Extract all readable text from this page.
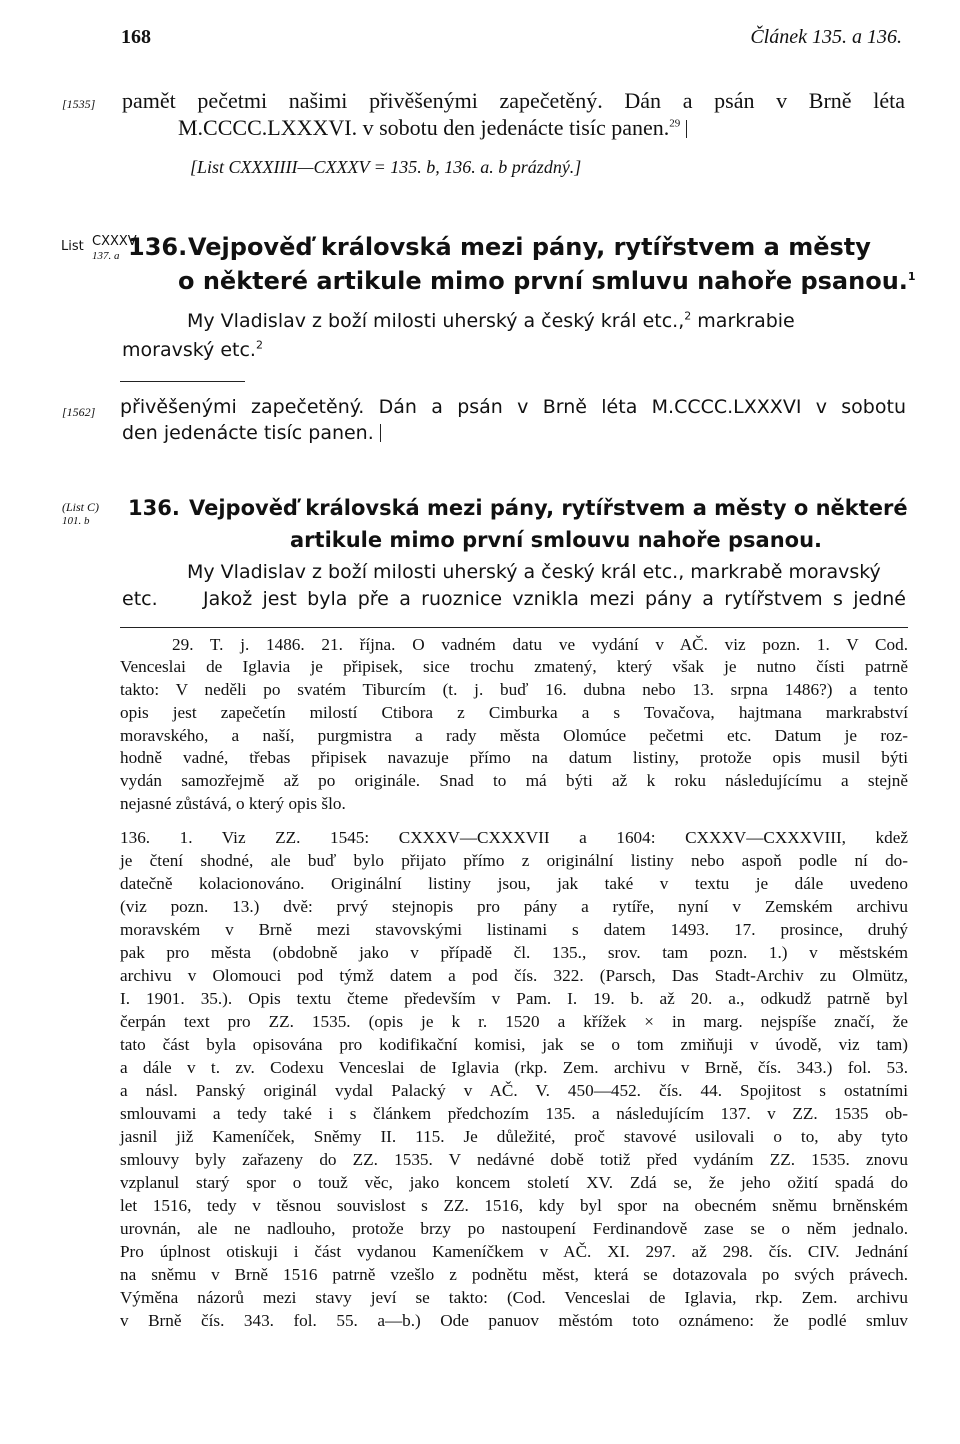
168	Článek 135. a 136.
[1535] pamět pečetmi našimi přivěšenými zapečetěný. Dán a psán v Brně léta
M.CCCC.LXXXVI. v sobotu den jedenácte tisíc panen.$^{29}$
[List CXXXIIII—CXXXV = 135. b, 136. a. b prázdný.]
List CXXXV
137. a 136. Vejpověď královská mezi pány, rytířstvem a městy
o některé artikule mimo první smluvu nahoře psanou.$^1$
My Vladislav z boží milosti uherský a český král etc.,$^2$ markrabie
moravský etc.$^2$
[1562] přivěšenými zapečetěný. Dán a psán v Brně léta M.CCCC.LXXXVI v sobotu
den jedenácte tisíc panen.
(List C)
101. b
136. Vejpověď královská mezi pány, rytířstvem a městy o některé
artikule mimo první smlouvu nahoře psanou.
My Vladislav z boží milosti uherský a český král etc., markrabě moravský
etc. Jakož jest byla pře a ruoznice vznikla mezi pány a rytířstvem s jedné
29. T. j. 1486. 21. října. O vadném datu ve vydání v AČ. viz pozn. 1. V Cod.
Venceslai de Iglavia je připisek, sice trochu zmatený, který však je nutno čísti patrně
takto: V neděli po svatém Tiburcím (t. j. buď 16. dubna nebo 13. srpna 1486?) a tento
opis jest zapečetín milostí Ctibora z Cimburka a s Tovačova, hajtmana markrabství
moravského, a naší, purgmistra a rady města Olomúce pečetmi etc. Datum je roz-
hodně vadné, třebas připisek navazuje přímo na datum listiny, protože opis musil býti
vydán samozřejmě až po originále. Snad to má býti až k roku následujícímu a stejně
nejasné zůstává, o který opis šlo.
136. 1. Viz ZZ. 1545: CXXXV—CXXXVII a 1604: CXXXV—CXXXVIII, kdež
je čtení shodné, ale buď bylo přijato přímo z originální listiny nebo aspoň podle ní do-
datečně kolacionováno. Originální listiny jsou, jak také v textu je dále uvedeno
(viz pozn. 13.) dvě: prvý stejnopis pro pány a rytíře, nyní v Zemském archivu
moravském v Brně mezi stavovskými listinami s datem 1493. 17. prosince, druhý
pak pro města (obdobně jako v případě čl. 135., srov. tam pozn. 1.) v městském
archivu v Olomouci pod týmž datem a pod čís. 322. (Parsch, Das Stadt-Archiv zu Olmütz,
I. 1901. 35.). Opis textu čteme především v Pam. I. 19. b. až 20. a., odkudž patrně byl
čerpán text pro ZZ. 1535. (opis je k r. 1520 a křížek × in marg. nejspíše značí, že
tato část byla opisována pro kodifikační komisi, jak se o tom zmiňuji v úvodě, viz tam)
a dále v t. zv. Codexu Venceslai de Iglavia (rkp. Zem. archivu v Brně, čís. 343.) fol. 53.
a násl. Panský originál vydal Palacký v AČ. V. 450—452. čís. 44. Spojitost s ostatními
smlouvami a tedy také i s článkem předchozím 135. a následujícím 137. v ZZ. 1535 ob-
jasnil již Kameníček, Sněmy II. 115. Je důležité, proč stavové usilovali o to, aby tyto
smlouvy byly zařazeny do ZZ. 1535. V nedávné době totiž před vydáním ZZ. 1535. znovu
vzplanul starý spor o touž věc, jako koncem století XV. Zdá se, že jeho ožití spadá do
let 1516, tedy v těsnou souvislost s ZZ. 1516, kdy byl spor na obecném sněmu brněnském
urovnán, ale ne nadlouho, protože brzy po nastoupení Ferdinandově zase se o něm jednalo.
Pro úplnost otiskuji i část vydanou Kameníčkem v AČ. XI. 297. až 298. čís. CIV. Jednání
na sněmu v Brně 1516 patrně vzešlo z podnětu měst, která se dotazovala po svých právech.
Výměna názorů mezi stavy jeví se takto: (Cod. Venceslai de Iglavia, rkp. Zem. archivu
v Brně čís. 343. fol. 55. a—b.) Ode panuov městóm toto oznámeno: že podlé smluv
